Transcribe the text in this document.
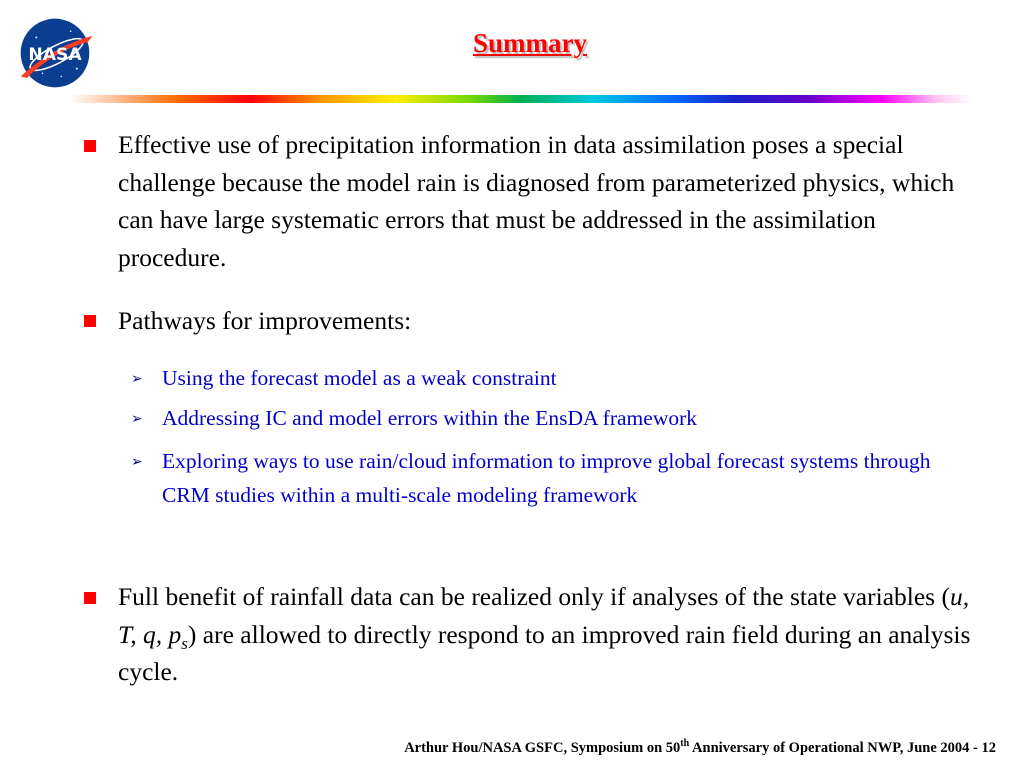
NASA	Summary
Effective use of precipitation information in data assimilation poses a special challenge because the model rain is diagnosed from parameterized physics, which can have large systematic errors that must be addressed in the assimilation procedure.
Pathways for improvements:
➢ Using the forecast model as a weak constraint
➢ Addressing IC and model errors within the EnsDA framework
➢ Exploring ways to use rain/cloud information to improve global forecast systems through CRM studies within a multi-scale modeling framework
Full benefit of rainfall data can be realized only if analyses of the state variables (u, T, q, $p_s$) are allowed to directly respond to an improved rain field during an analysis cycle.
Arthur Hou/NASA GSFC, Symposium on 50th Anniversary of Operational NWP, June 2004 - 12
